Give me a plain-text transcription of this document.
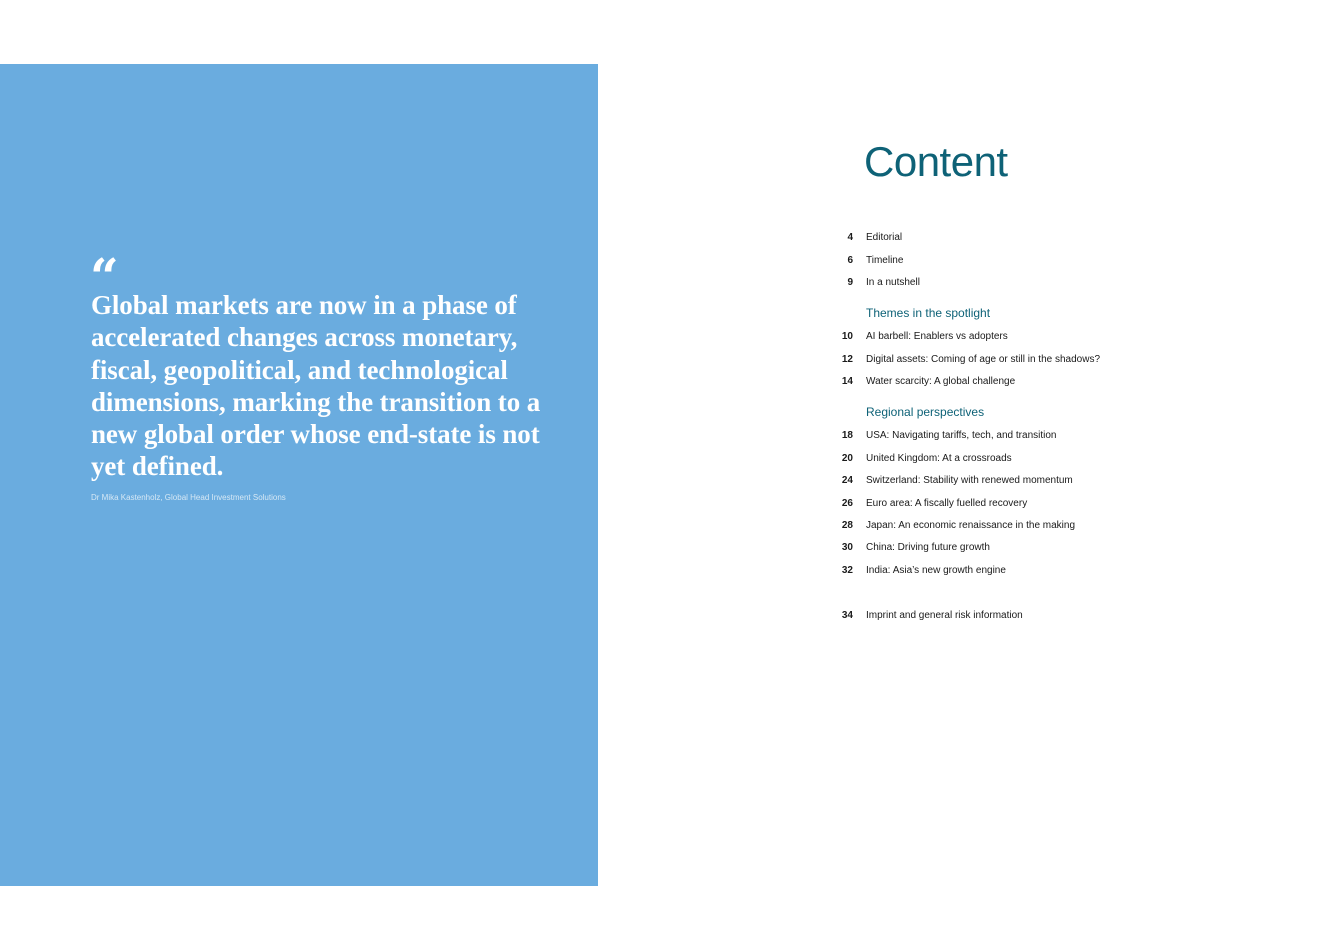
“
Global markets are now in a phase of accelerated changes across monetary, fiscal, geopolitical, and technological dimensions, marking the transition to a new global order whose end-state is not yet defined.
Dr Mika Kastenholz, Global Head Investment Solutions
Content
4 Editorial
6 Timeline
9 In a nutshell
Themes in the spotlight
10 AI barbell: Enablers vs adopters
12 Digital assets: Coming of age or still in the shadows?
14 Water scarcity: A global challenge
Regional perspectives
18 USA: Navigating tariffs, tech, and transition
20 United Kingdom: At a crossroads
24 Switzerland: Stability with renewed momentum
26 Euro area: A fiscally fuelled recovery
28 Japan: An economic renaissance in the making
30 China: Driving future growth
32 India: Asia’s new growth engine
34 Imprint and general risk information
